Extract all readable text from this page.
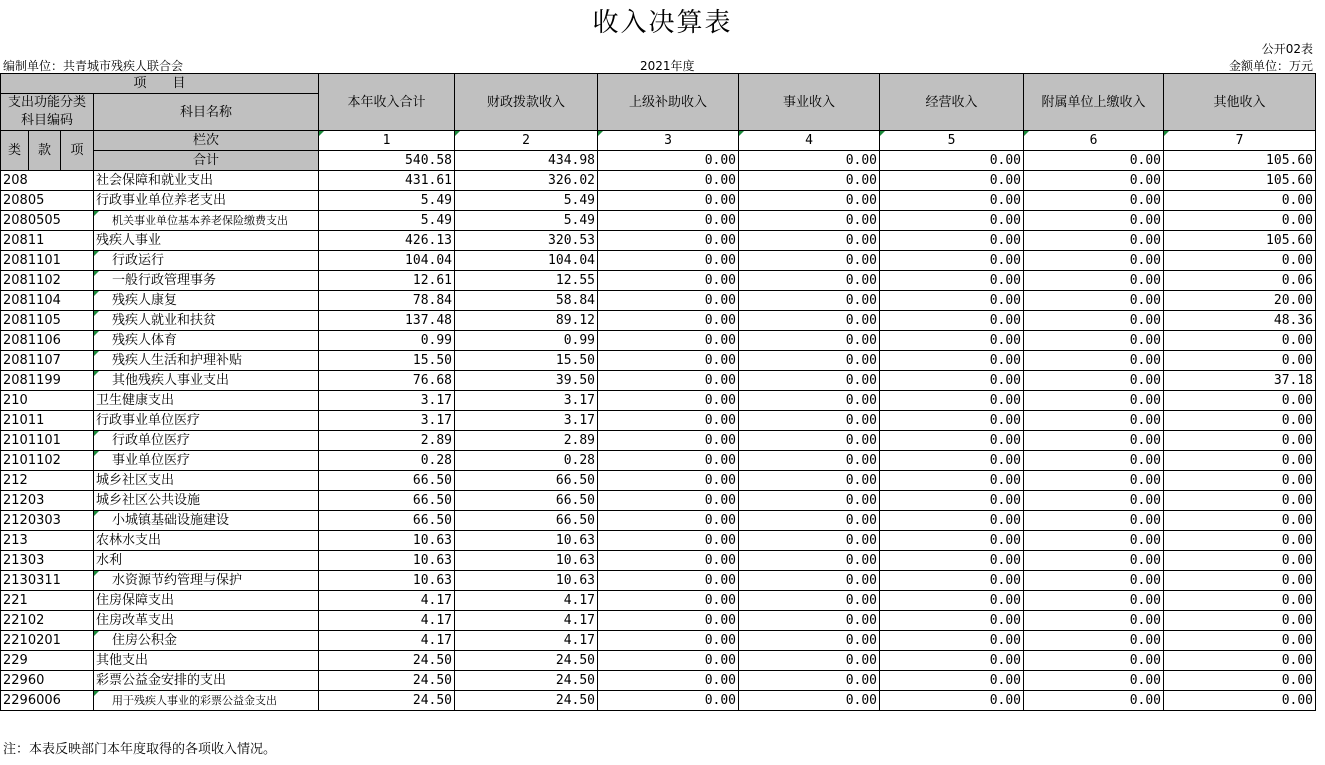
收入决算表
公开02表
编制单位：共青城市残疾人联合会	2021年度	金额单位：万元
项　　目				本年收入合计	财政拨款收入	上级补助收入	事业收入	经营收入	附属单位上缴收入	其他收入
支出功能分类科目编码			科目名称							

类	款	项	栏次	1	2	3	4	5	6	7
			合计	540.58	434.98	0.00	0.00	0.00	0.00	105.60
208			社会保障和就业支出	431.61	326.02	0.00	0.00	0.00	0.00	105.60
20805			行政事业单位养老支出	5.49	5.49	0.00	0.00	0.00	0.00	0.00
2080505			机关事业单位基本养老保险缴费支出	5.49	5.49	0.00	0.00	0.00	0.00	0.00
20811			残疾人事业	426.13	320.53	0.00	0.00	0.00	0.00	105.60
2081101			行政运行	104.04	104.04	0.00	0.00	0.00	0.00	0.00
2081102			一般行政管理事务	12.61	12.55	0.00	0.00	0.00	0.00	0.06
2081104			残疾人康复	78.84	58.84	0.00	0.00	0.00	0.00	20.00
2081105			残疾人就业和扶贫	137.48	89.12	0.00	0.00	0.00	0.00	48.36
2081106			残疾人体育	0.99	0.99	0.00	0.00	0.00	0.00	0.00
2081107			残疾人生活和护理补贴	15.50	15.50	0.00	0.00	0.00	0.00	0.00
2081199			其他残疾人事业支出	76.68	39.50	0.00	0.00	0.00	0.00	37.18
210			卫生健康支出	3.17	3.17	0.00	0.00	0.00	0.00	0.00
21011			行政事业单位医疗	3.17	3.17	0.00	0.00	0.00	0.00	0.00
2101101			行政单位医疗	2.89	2.89	0.00	0.00	0.00	0.00	0.00
2101102			事业单位医疗	0.28	0.28	0.00	0.00	0.00	0.00	0.00
212			城乡社区支出	66.50	66.50	0.00	0.00	0.00	0.00	0.00
21203			城乡社区公共设施	66.50	66.50	0.00	0.00	0.00	0.00	0.00
2120303			小城镇基础设施建设	66.50	66.50	0.00	0.00	0.00	0.00	0.00
213			农林水支出	10.63	10.63	0.00	0.00	0.00	0.00	0.00
21303			水利	10.63	10.63	0.00	0.00	0.00	0.00	0.00
2130311			水资源节约管理与保护	10.63	10.63	0.00	0.00	0.00	0.00	0.00
221			住房保障支出	4.17	4.17	0.00	0.00	0.00	0.00	0.00
22102			住房改革支出	4.17	4.17	0.00	0.00	0.00	0.00	0.00
2210201			住房公积金	4.17	4.17	0.00	0.00	0.00	0.00	0.00
229			其他支出	24.50	24.50	0.00	0.00	0.00	0.00	0.00
22960			彩票公益金安排的支出	24.50	24.50	0.00	0.00	0.00	0.00	0.00
2296006			用于残疾人事业的彩票公益金支出	24.50	24.50	0.00	0.00	0.00	0.00	0.00
注：本表反映部门本年度取得的各项收入情况。
